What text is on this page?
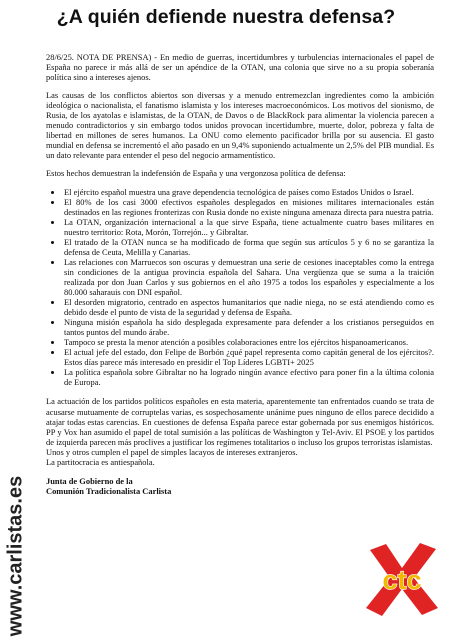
¿A quién defiende nuestra defensa?

28/6/25. NOTA DE PRENSA) - En medio de guerras, incertidumbres y turbulencias internacionales el papel de España no parece ir más allá de ser un apéndice de la OTAN, una colonia que sirve no a su propia soberanía política sino a intereses ajenos.

Las causas de los conflictos abiertos son diversas y a menudo entremezclan ingredientes como la ambición ideológica o nacionalista, el fanatismo islamista y los intereses macroeconómicos. Los motivos del sionismo, de Rusia, de los ayatolas e islamistas, de la OTAN, de Davos o de BlackRock para alimentar la violencia parecen a menudo contradictorios y sin embargo todos unidos provocan incertidumbre, muerte, dolor, pobreza y falta de libertad en millones de seres humanos. La ONU como elemento pacificador brilla por su ausencia. El gasto mundial en defensa se incrementó el año pasado en un 9,4% suponiendo actualmente un 2,5% del PIB mundial. Es un dato relevante para entender el peso del negocio armamentístico.

Estos hechos demuestran la indefensión de España y una vergonzosa política de defensa:

• El ejército español muestra una grave dependencia tecnológica de países como Estados Unidos o Israel.
• El 80% de los casi 3000 efectivos españoles desplegados en misiones militares internacionales están destinados en las regiones fronterizas con Rusia donde no existe ninguna amenaza directa para nuestra patria.
• La OTAN, organización internacional a la que sirve España, tiene actualmente cuatro bases militares en nuestro territorio: Rota, Morón, Torrejón... y Gibraltar.
• El tratado de la OTAN nunca se ha modificado de forma que según sus artículos 5 y 6 no se garantiza la defensa de Ceuta, Melilla y Canarias.
• Las relaciones con Marruecos son oscuras y demuestran una serie de cesiones inaceptables como la entrega sin condiciones de la antigua provincia española del Sahara. Una vergüenza que se suma a la traición realizada por don Juan Carlos y sus gobiernos en el año 1975 a todos los españoles y especialmente a los 80.000 saharauis con DNI español.
• El desorden migratorio, centrado en aspectos humanitarios que nadie niega, no se está atendiendo como es debido desde el punto de vista de la seguridad y defensa de España.
• Ninguna misión española ha sido desplegada expresamente para defender a los cristianos perseguidos en tantos puntos del mundo árabe.
• Tampoco se presta la menor atención a posibles colaboraciones entre los ejércitos hispanoamericanos.
• El actual jefe del estado, don Felipe de Borbón ¿qué papel representa como capitán general de los ejércitos?. Estos días parece más interesado en presidir el Top Líderes LGBTI+ 2025
• La política española sobre Gibraltar no ha logrado ningún avance efectivo para poner fin a la última colonia de Europa.

La actuación de los partidos políticos españoles en esta materia, aparentemente tan enfrentados cuando se trata de acusarse mutuamente de corruptelas varias, es sospechosamente unánime pues ninguno de ellos parece decidido a atajar todas estas carencias. En cuestiones de defensa España parece estar gobernada por sus enemigos históricos. PP y Vox han asumido el papel de total sumisión a las políticas de Washington y Tel-Aviv. El PSOE y los partidos de izquierda parecen más proclives a justificar los regímenes totalitarios o incluso los grupos terroristas islamistas.

Unos y otros cumplen el papel de simples lacayos de intereses extranjeros.

La partitocracia es antiespañola.

Junta de Gobierno de la
Comunión Tradicionalista Carlista
www.carlistas.es	ctc
